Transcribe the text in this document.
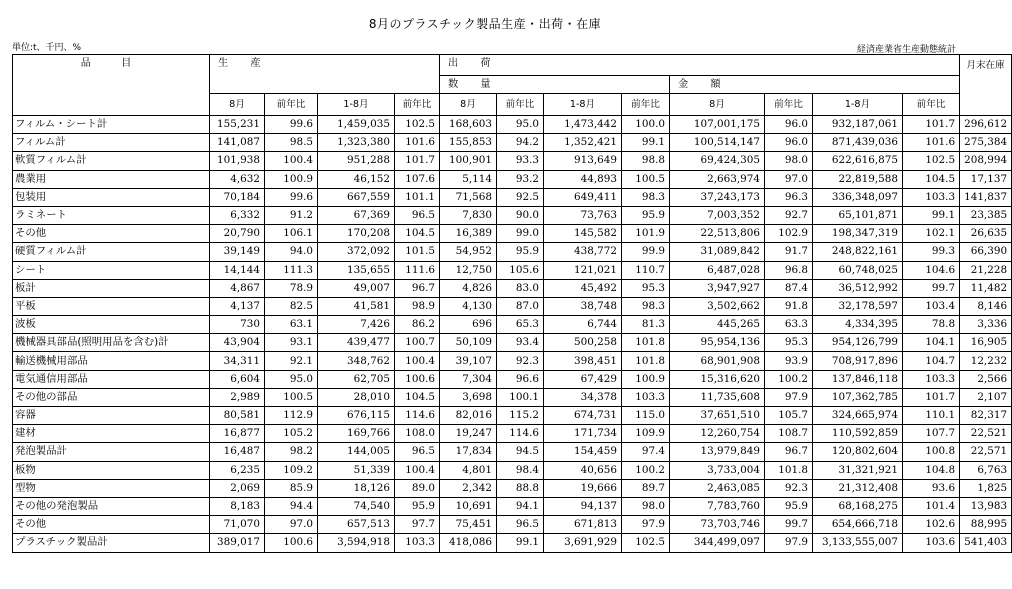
8月のプラスチック製品生産・出荷・在庫
単位:t、千円、%	経済産業省生産動態統計
品　目	生　産				出　荷								月末在庫
					数　量				金　額				
	8月	前年比	1-8月	前年比	8月	前年比	1-8月	前年比	8月	前年比	1-8月	前年比	
フィルム・シート計	155,231	99.6	1,459,035	102.5	168,603	95.0	1,473,442	100.0	107,001,175	96.0	932,187,061	101.7	296,612
フィルム計	141,087	98.5	1,323,380	101.6	155,853	94.2	1,352,421	99.1	100,514,147	96.0	871,439,036	101.6	275,384
軟質フィルム計	101,938	100.4	951,288	101.7	100,901	93.3	913,649	98.8	69,424,305	98.0	622,616,875	102.5	208,994
農業用	4,632	100.9	46,152	107.6	5,114	93.2	44,893	100.5	2,663,974	97.0	22,819,588	104.5	17,137
包装用	70,184	99.6	667,559	101.1	71,568	92.5	649,411	98.3	37,243,173	96.3	336,348,097	103.3	141,837
ラミネート	6,332	91.2	67,369	96.5	7,830	90.0	73,763	95.9	7,003,352	92.7	65,101,871	99.1	23,385
その他	20,790	106.1	170,208	104.5	16,389	99.0	145,582	101.9	22,513,806	102.9	198,347,319	102.1	26,635
硬質フィルム計	39,149	94.0	372,092	101.5	54,952	95.9	438,772	99.9	31,089,842	91.7	248,822,161	99.3	66,390
シート	14,144	111.3	135,655	111.6	12,750	105.6	121,021	110.7	6,487,028	96.8	60,748,025	104.6	21,228
板計	4,867	78.9	49,007	96.7	4,826	83.0	45,492	95.3	3,947,927	87.4	36,512,992	99.7	11,482
平板	4,137	82.5	41,581	98.9	4,130	87.0	38,748	98.3	3,502,662	91.8	32,178,597	103.4	8,146
波板	730	63.1	7,426	86.2	696	65.3	6,744	81.3	445,265	63.3	4,334,395	78.8	3,336
機械器具部品(照明用品を含む)計	43,904	93.1	439,477	100.7	50,109	93.4	500,258	101.8	95,954,136	95.3	954,126,799	104.1	16,905
輸送機械用部品	34,311	92.1	348,762	100.4	39,107	92.3	398,451	101.8	68,901,908	93.9	708,917,896	104.7	12,232
電気通信用部品	6,604	95.0	62,705	100.6	7,304	96.6	67,429	100.9	15,316,620	100.2	137,846,118	103.3	2,566
その他の部品	2,989	100.5	28,010	104.5	3,698	100.1	34,378	103.3	11,735,608	97.9	107,362,785	101.7	2,107
容器	80,581	112.9	676,115	114.6	82,016	115.2	674,731	115.0	37,651,510	105.7	324,665,974	110.1	82,317
建材	16,877	105.2	169,766	108.0	19,247	114.6	171,734	109.9	12,260,754	108.7	110,592,859	107.7	22,521
発泡製品計	16,487	98.2	144,005	96.5	17,834	94.5	154,459	97.4	13,979,849	96.7	120,802,604	100.8	22,571
板物	6,235	109.2	51,339	100.4	4,801	98.4	40,656	100.2	3,733,004	101.8	31,321,921	104.8	6,763
型物	2,069	85.9	18,126	89.0	2,342	88.8	19,666	89.7	2,463,085	92.3	21,312,408	93.6	1,825
その他の発泡製品	8,183	94.4	74,540	95.9	10,691	94.1	94,137	98.0	7,783,760	95.9	68,168,275	101.4	13,983
その他	71,070	97.0	657,513	97.7	75,451	96.5	671,813	97.9	73,703,746	99.7	654,666,718	102.6	88,995
プラスチック製品計	389,017	100.6	3,594,918	103.3	418,086	99.1	3,691,929	102.5	344,499,097	97.9	3,133,555,007	103.6	541,403
